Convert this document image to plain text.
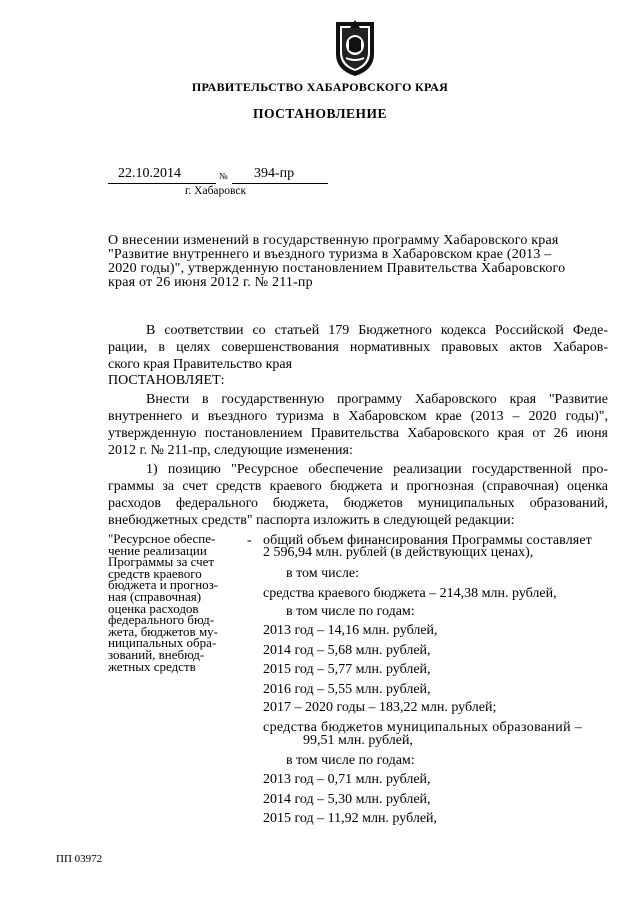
ПРАВИТЕЛЬСТВО ХАБАРОВСКОГО КРАЯ
ПОСТАНОВЛЕНИЕ
22.10.2014	№ 394-пр
г. Хабаровск
О внесении изменений в государственную программу Хабаровского края
"Развитие внутреннего и въездного туризма в Хабаровском крае (2013 –
2020 годы)", утвержденную постановлением Правительства Хабаровского
края от 26 июня 2012 г. № 211-пр
В соответствии со статьей 179 Бюджетного кодекса Российской Феде-
рации, в целях совершенствования нормативных правовых актов Хабаров-
ского края Правительство края
ПОСТАНОВЛЯЕТ:
Внести в государственную программу Хабаровского края "Развитие
внутреннего и въездного туризма в Хабаровском крае (2013 – 2020 годы)",
утвержденную постановлением Правительства Хабаровского края от 26 июня
2012 г. № 211-пр, следующие изменения:
1) позицию "Ресурсное обеспечение реализации государственной про-
граммы за счет средств краевого бюджета и прогнозная (справочная) оценка
расходов федерального бюджета, бюджетов муниципальных образований,
внебюджетных средств" паспорта изложить в следующей редакции:
"Ресурсное обеспе-
чение реализации
Программы за счет
средств краевого
бюджета и прогноз-
ная (справочная)
оценка расходов
федерального бюд-
жета, бюджетов му-
ниципальных обра-
зований, внебюд-
жетных средств
- общий объем финансирования Программы составляет
2 596,94 млн. рублей (в действующих ценах),
в том числе:
средства краевого бюджета – 214,38 млн. рублей,
в том числе по годам:
2013 год – 14,16 млн. рублей,
2014 год – 5,68 млн. рублей,
2015 год – 5,77 млн. рублей,
2016 год – 5,55 млн. рублей,
2017 – 2020 годы – 183,22 млн. рублей;
средства бюджетов муниципальных образований –
99,51 млн. рублей,
в том числе по годам:
2013 год – 0,71 млн. рублей,
2014 год – 5,30 млн. рублей,
2015 год – 11,92 млн. рублей,
ПП 03972
